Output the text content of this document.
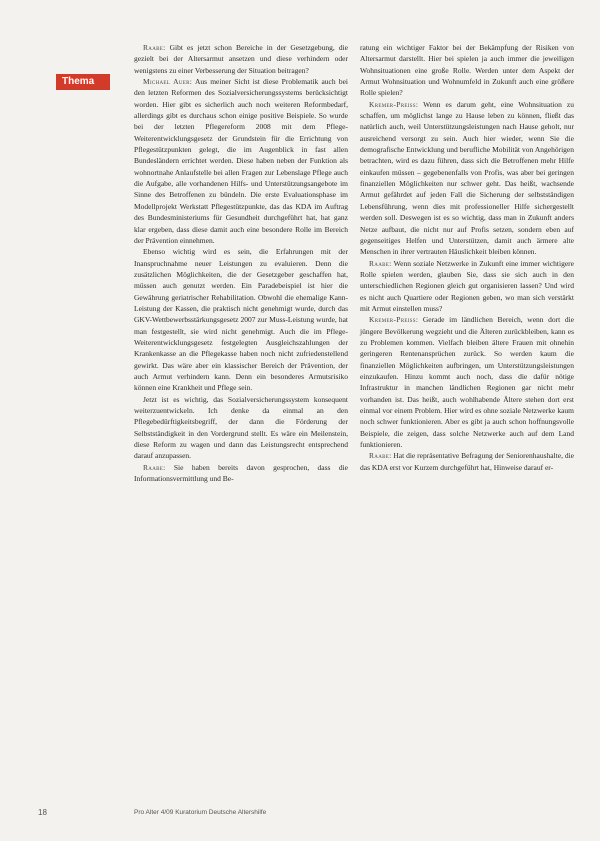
Thema

Raabe: Gibt es jetzt schon Bereiche in der Gesetzgebung, die gezielt bei der Altersarmut ansetzen und diese verhindern oder wenigstens zu einer Verbesserung der Situation beitragen?

Michael Auer: Aus meiner Sicht ist diese Problematik auch bei den letzten Reformen des Sozialversicherungssystems berücksichtigt worden. Hier gibt es sicherlich auch noch weiteren Reformbedarf, allerdings gibt es durchaus schon einige positive Beispiele. So wurde bei der letzten Pflegereform 2008 mit dem Pflege-Weiterentwicklungsgesetz der Grundstein für die Errichtung von Pflegestützpunkten gelegt, die im Augenblick in fast allen Bundesländern errichtet werden. Diese haben neben der Funktion als wohnortnahe Anlaufstelle bei allen Fragen zur Lebenslage Pflege auch die Aufgabe, alle vorhandenen Hilfs- und Unterstützungsangebote im Sinne des Betroffenen zu bündeln. Die erste Evaluationsphase im Modellprojekt Werkstatt Pflegestützpunkte, das das KDA im Auftrag des Bundesministeriums für Gesundheit durchgeführt hat, hat ganz klar ergeben, dass diese damit auch eine besondere Rolle im Bereich der Prävention einnehmen.

Ebenso wichtig wird es sein, die Erfahrungen mit der Inanspruchnahme neuer Leistungen zu evaluieren. Denn die zusätzlichen Möglichkeiten, die der Gesetzgeber geschaffen hat, müssen auch genutzt werden. Ein Paradebeispiel ist hier die Gewährung geriatrischer Rehabilitation. Obwohl die ehemalige Kann-Leistung der Kassen, die praktisch nicht genehmigt wurde, durch das GKV-Wettbewerbsstärkungsgesetz 2007 zur Muss-Leistung wurde, hat man festgestellt, sie wird nicht genehmigt. Auch die im Pflege-Weiterentwicklungsgesetz festgelegten Ausgleichszahlungen der Krankenkasse an die Pflegekasse haben noch nicht zufriedenstellend gewirkt. Das wäre aber ein klassischer Bereich der Prävention, der auch Armut verhindern kann. Denn ein besonderes Armutsrisiko können eine Krankheit und Pflege sein.

Jetzt ist es wichtig, das Sozialversicherungssystem konsequent weiterzuentwickeln. Ich denke da einmal an den Pflegebedürftigkeitsbegriff, der dann die Förderung der Selbstständigkeit in den Vordergrund stellt. Es wäre ein Meilenstein, diese Reform zu wagen und dann das Leistungsrecht entsprechend darauf anzupassen.

Raabe: Sie haben bereits davon gesprochen, dass die Informationsvermittlung und Be-

ratung ein wichtiger Faktor bei der Bekämpfung der Risiken von Altersarmut darstellt. Hier bei spielen ja auch immer die jeweiligen Wohnsituationen eine große Rolle. Werden unter dem Aspekt der Armut Wohnsituation und Wohnumfeld in Zukunft auch eine größere Rolle spielen?

Kremer-Preiss: Wenn es darum geht, eine Wohnsituation zu schaffen, um möglichst lange zu Hause leben zu können, fließt das natürlich auch, weil Unterstützungsleistungen nach Hause geholt, nur ausreichend versorgt zu sein. Auch hier wieder, wenn Sie die demografische Entwicklung und berufliche Mobilität von Angehörigen betrachten, wird es dazu führen, dass sich die Betroffenen mehr Hilfe einkaufen müssen – gegebenenfalls von Profis, was aber bei geringen finanziellen Möglichkeiten nur schwer geht. Das heißt, wachsende Armut gefährdet auf jeden Fall die Sicherung der selbstständigen Lebensführung, wenn dies mit professioneller Hilfe sichergestellt werden soll. Deswegen ist es so wichtig, dass man in Zukunft anders Netze aufbaut, die nicht nur auf Profis setzen, sondern eben auf gegenseitiges Helfen und Unterstützen, damit auch ärmere alte Menschen in ihrer vertrauten Häuslichkeit bleiben können.

Raabe: Wenn soziale Netzwerke in Zukunft eine immer wichtigere Rolle spielen werden, glauben Sie, dass sie sich auch in den unterschiedlichen Regionen gleich gut organisieren lassen? Und wird es nicht auch Quartiere oder Regionen geben, wo man sich verstärkt mit Armut einstellen muss?

Kremer-Preiss: Gerade im ländlichen Bereich, wenn dort die jüngere Bevölkerung wegzieht und die Älteren zurückbleiben, kann es zu Problemen kommen. Vielfach bleiben ältere Frauen mit ohnehin geringeren Rentenansprüchen zurück. So werden kaum die finanziellen Möglichkeiten aufbringen, um Unterstützungsleistungen einzukaufen. Hinzu kommt auch noch, dass die dafür nötige Infrastruktur in manchen ländlichen Regionen gar nicht mehr vorhanden ist. Das heißt, auch wohlhabende Ältere stehen dort erst einmal vor einem Problem. Hier wird es ohne soziale Netzwerke kaum noch schwer funktionieren. Aber es gibt ja auch schon hoffnungsvolle Beispiele, die zeigen, dass solche Netzwerke auch auf dem Land funktionieren.

Raabe: Hat die repräsentative Befragung der Seniorenhaushalte, die das KDA erst vor Kurzem durchgeführt hat, Hinweise darauf er-

18	Pro Alter 4/09 Kuratorium Deutsche Altershilfe
